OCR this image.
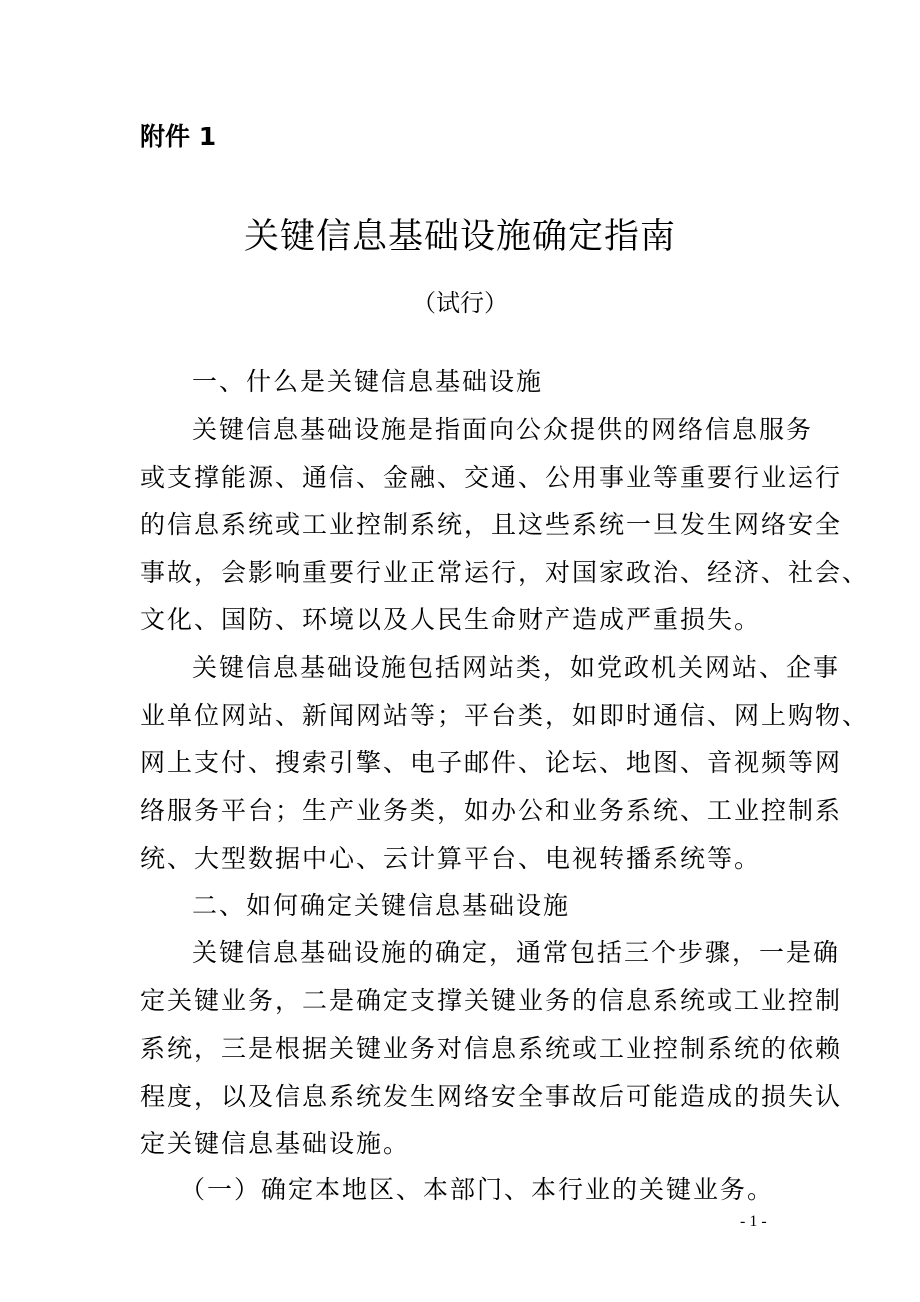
附件 1
关键信息基础设施确定指南
（试行）
一、什么是关键信息基础设施
关键信息基础设施是指面向公众提供的网络信息服务
或支撑能源、通信、金融、交通、公用事业等重要行业运行
的信息系统或工业控制系统，且这些系统一旦发生网络安全
事故，会影响重要行业正常运行，对国家政治、经济、社会、
文化、国防、环境以及人民生命财产造成严重损失。
关键信息基础设施包括网站类，如党政机关网站、企事
业单位网站、新闻网站等；平台类，如即时通信、网上购物、
网上支付、搜索引擎、电子邮件、论坛、地图、音视频等网
络服务平台；生产业务类，如办公和业务系统、工业控制系
统、大型数据中心、云计算平台、电视转播系统等。
二、如何确定关键信息基础设施
关键信息基础设施的确定，通常包括三个步骤，一是确
定关键业务，二是确定支撑关键业务的信息系统或工业控制
系统，三是根据关键业务对信息系统或工业控制系统的依赖
程度，以及信息系统发生网络安全事故后可能造成的损失认
定关键信息基础设施。
（一）确定本地区、本部门、本行业的关键业务。
- 1 -
